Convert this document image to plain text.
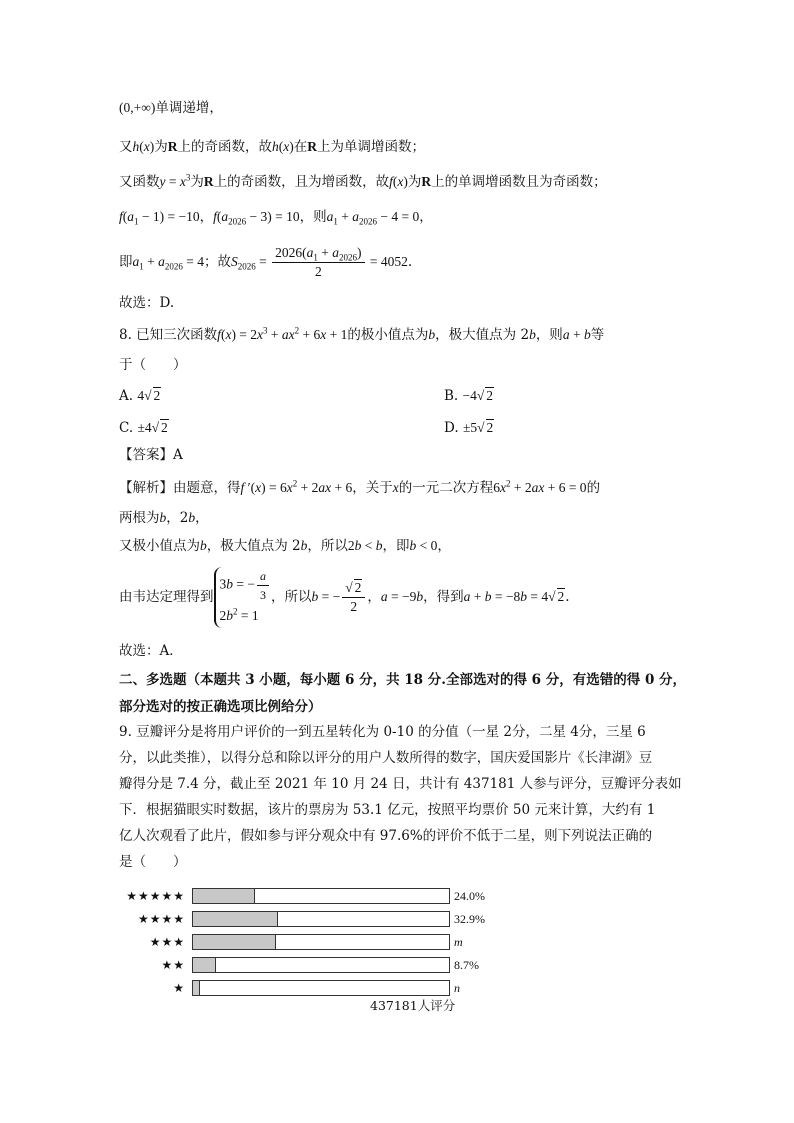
(0,+∞)单调递增，
又h(x)为R上的奇函数，故h(x)在R上为单调增函数；
又函数$y = x^3$为R上的奇函数，且为增函数，故f(x)为R上的单调增函数且为奇函数；
$f(a_1 - 1) = -10$，$f(a_{2026} - 3) = 10$，则$a_1 + a_{2026} - 4 = 0$，
即$a_1 + a_{2026} = 4$；故$S_{2026} = \frac{2026(a_1 + a_{2026})}{2} = 4052$.
故选：D.
8. 已知三次函数$f(x) = 2x^3 + ax^2 + 6x + 1$的极小值点为b，极大值点为 2b，则a + b等
于（　　）
A. 4√ 2	B. −4√ 2
C. ±4√ 2	D. ±5√ 2
【答案】A
【解析】由题意，得f $'(x) = 6x^2 + 2ax + 6$，关于x的一元二次方程$6x^2 + 2ax + 6 = 0$的
两根为b，2b，
又极小值点为b，极大值点为 2b，所以2b < b，即b < 0，
由韦达定理得到
3b = − $\frac{a}{3}$
$2b^2 = 1$
，所以b = − $\frac{√ 2}{2}$ ，a = −9b，得到a + b = −8b = 4√ 2.
故选：A．
二、多选题（本题共 3 小题，每小题 6 分，共 18 分.全部选对的得 6 分，有选错的得 0 分，
部分选对的按正确选项比例给分）
9. 豆瓣评分是将用户评价的一到五星转化为 0-10 的分值（一星 2分，二星 4分，三星 6
分，以此类推），以得分总和除以评分的用户人数所得的数字，国庆爱国影片《长津湖》豆
瓣得分是 7.4 分，截止至 2021 年 10 月 24 日，共计有 437181 人参与评分，豆瓣评分表如
下．根据猫眼实时数据，该片的票房为 53.1 亿元，按照平均票价 50 元来计算，大约有 1
亿人次观看了此片，假如参与评分观众中有 97.6%的评价不低于二星，则下列说法正确的
是（　　）
★★★★★	24.0%
★★★★	32.9%
★★★	m
★★	8.7%
★	n
437181人评分
